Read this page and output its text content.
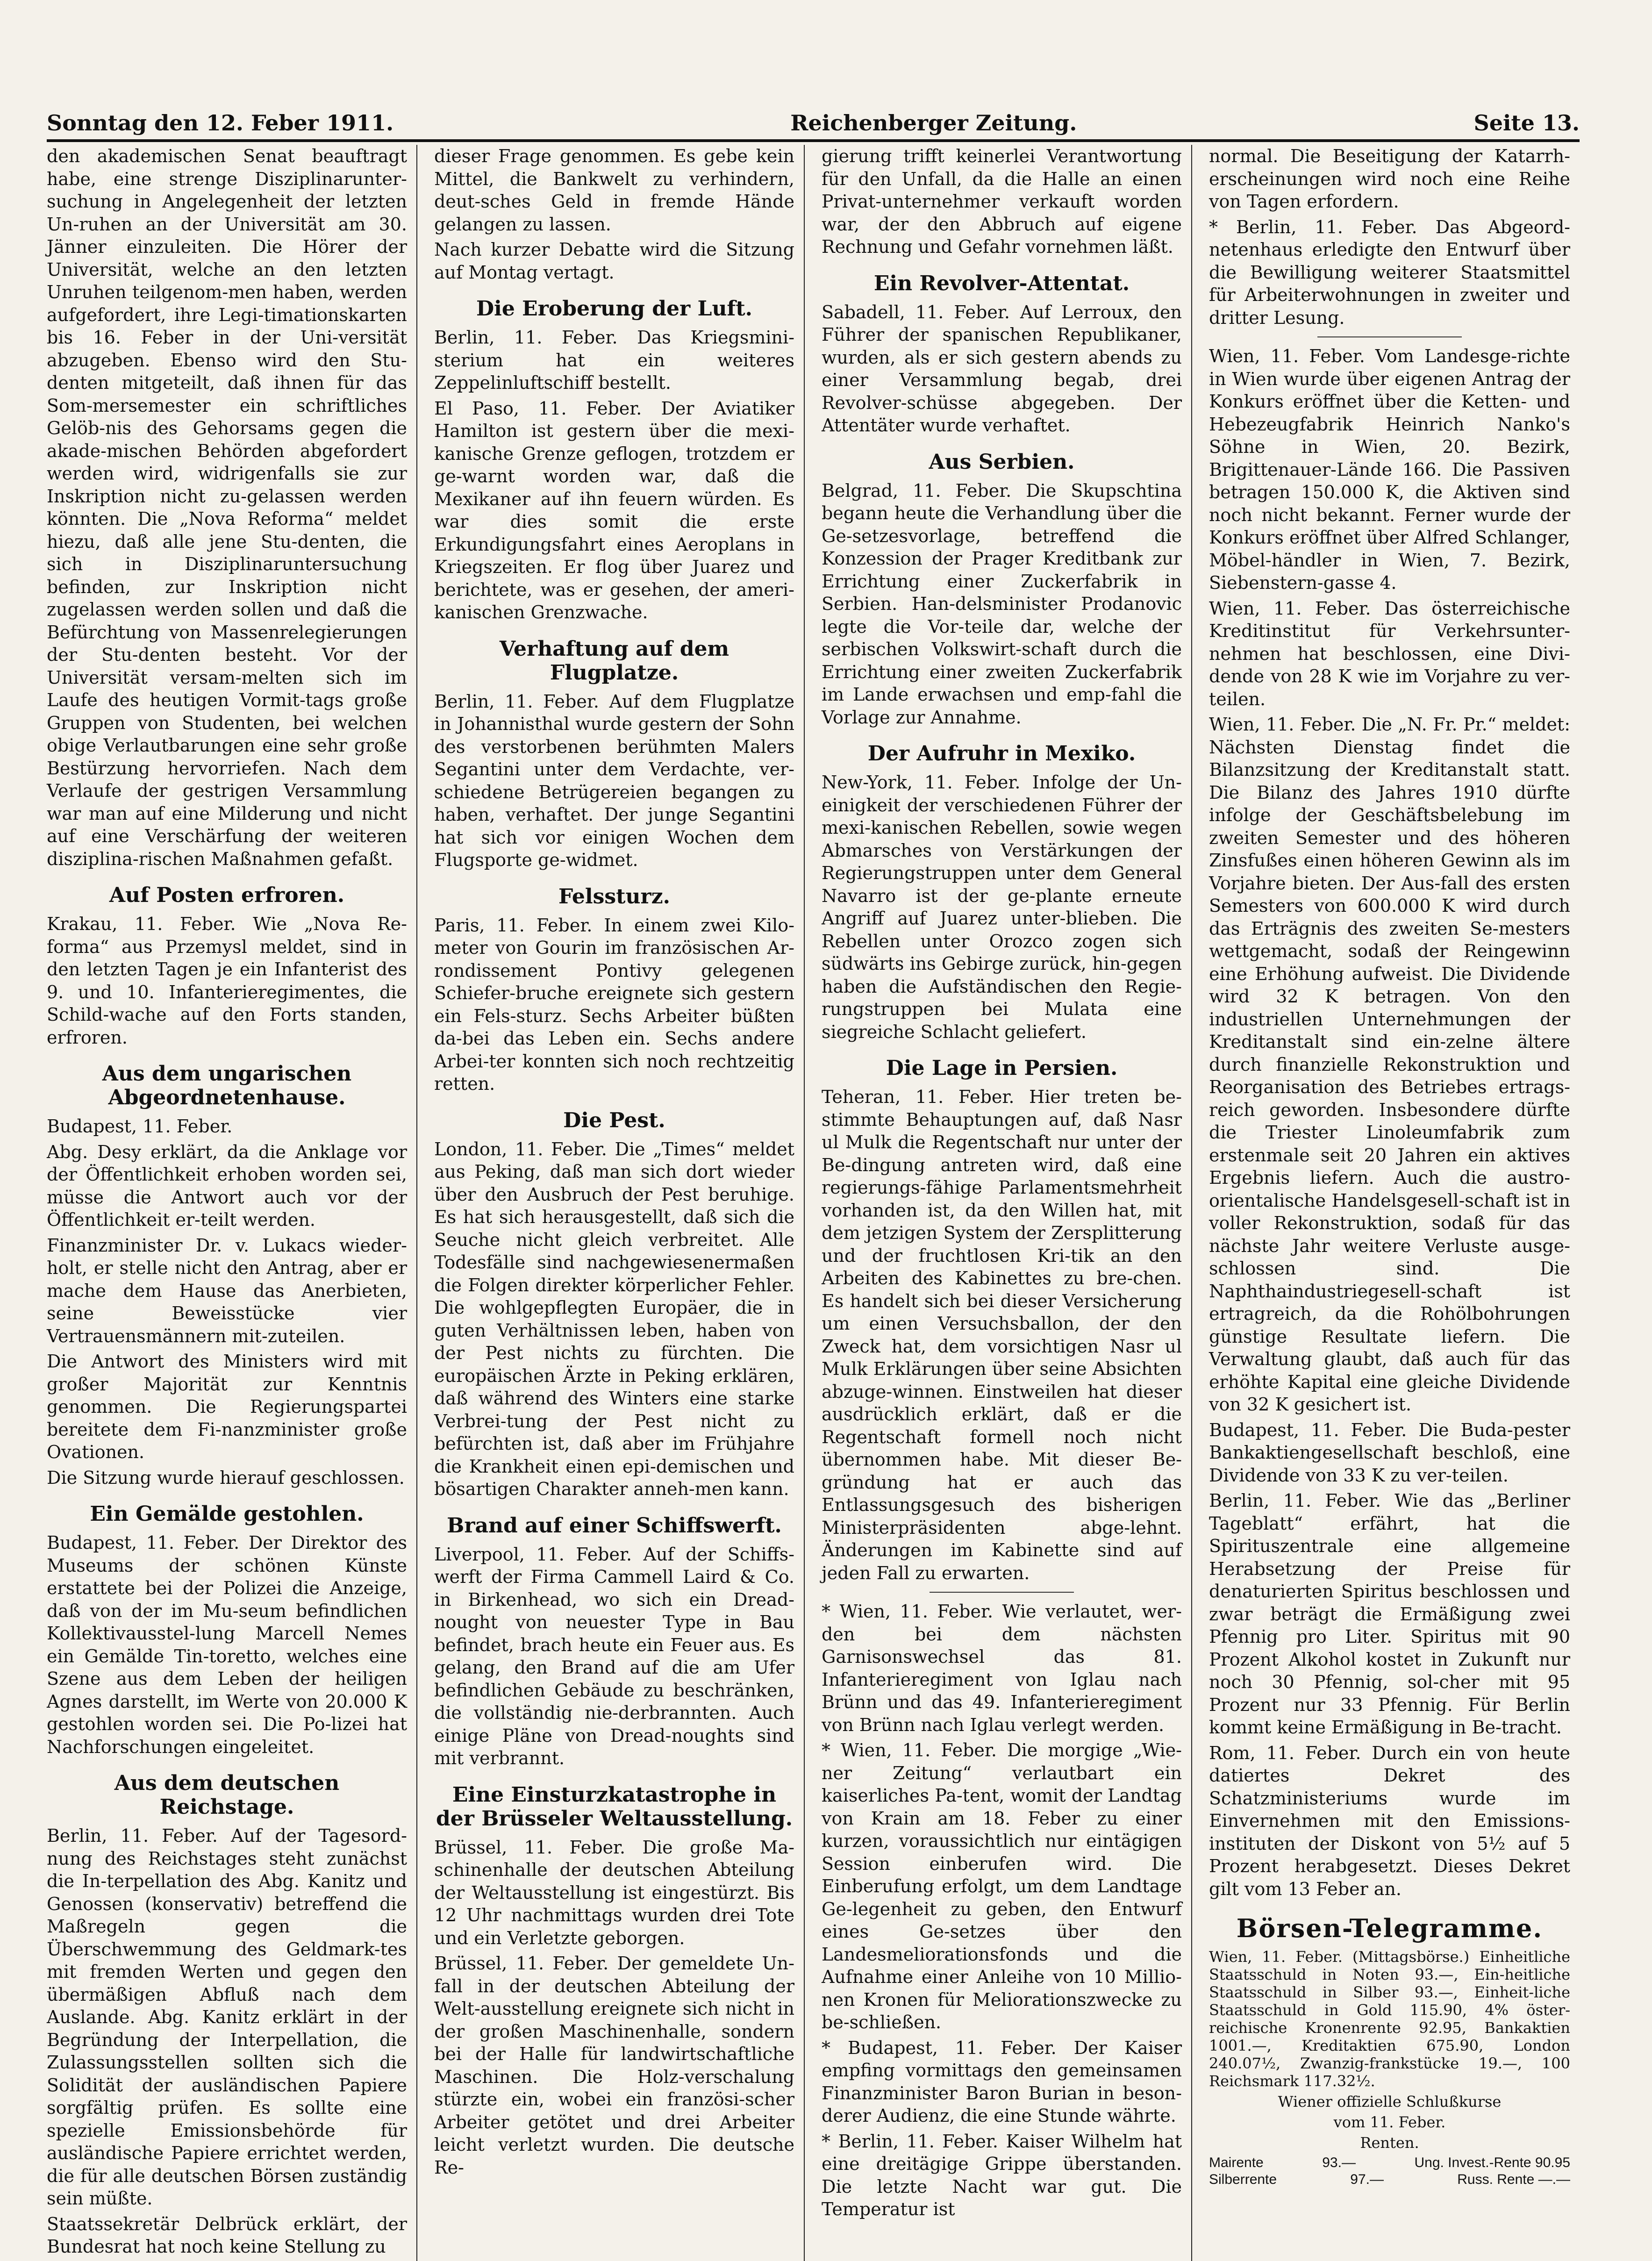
Sonntag den 12. Feber 1911.	Reichenberger Zeitung.	Seite 13.

den akademischen Senat beauftragt habe, eine strenge Disziplinarunter-suchung in Angelegenheit der letzten Un-ruhen an der Universität am 30. Jänner einzuleiten. Die Hörer der Universität, welche an den letzten Unruhen teilgenom-men haben, werden aufgefordert, ihre Legi-timationskarten bis 16. Feber in der Uni-versität abzugeben. Ebenso wird den Stu-denten mitgeteilt, daß ihnen für das Som-mersemester ein schriftliches Gelöb-nis des Gehorsams gegen die akade-mischen Behörden abgefordert werden wird, widrigenfalls sie zur Inskription nicht zu-gelassen werden könnten. Die „Nova Reforma“ meldet hiezu, daß alle jene Stu-denten, die sich in Disziplinaruntersuchung befinden, zur Inskription nicht zugelassen werden sollen und daß die Befürchtung von Massenrelegierungen der Stu-denten besteht. Vor der Universität versam-melten sich im Laufe des heutigen Vormit-tags große Gruppen von Studenten, bei welchen obige Verlautbarungen eine sehr große Bestürzung hervorriefen. Nach dem Verlaufe der gestrigen Versammlung war man auf eine Milderung und nicht auf eine Verschärfung der weiteren disziplina-rischen Maßnahmen gefaßt.

Auf Posten erfroren.

Krakau, 11. Feber. Wie „Nova Re-forma“ aus Przemysl meldet, sind in den letzten Tagen je ein Infanterist des 9. und 10. Infanterieregimentes, die Schild-wache auf den Forts standen, erfroren.

Aus dem ungarischen Abgeordnetenhause.

Budapest, 11. Feber.

Abg. Desy erklärt, da die Anklage vor der Öffentlichkeit erhoben worden sei, müsse die Antwort auch vor der Öffentlichkeit er-teilt werden.

Finanzminister Dr. v. Lukacs wieder-holt, er stelle nicht den Antrag, aber er mache dem Hause das Anerbieten, seine Beweisstücke vier Vertrauensmännern mit-zuteilen.

Die Antwort des Ministers wird mit großer Majorität zur Kenntnis genommen. Die Regierungspartei bereitete dem Fi-nanzminister große Ovationen.

Die Sitzung wurde hierauf geschlossen.

Ein Gemälde gestohlen.

Budapest, 11. Feber. Der Direktor des Museums der schönen Künste erstattete bei der Polizei die Anzeige, daß von der im Mu-seum befindlichen Kollektivausstel-lung Marcell Nemes ein Gemälde Tin-toretto, welches eine Szene aus dem Leben der heiligen Agnes darstellt, im Werte von 20.000 K gestohlen worden sei. Die Po-lizei hat Nachforschungen eingeleitet.

Aus dem deutschen Reichstage.

Berlin, 11. Feber. Auf der Tagesord-nung des Reichstages steht zunächst die In-terpellation des Abg. Kanitz und Genossen (konservativ) betreffend die Maßregeln gegen die Überschwemmung des Geldmark-tes mit fremden Werten und gegen den übermäßigen Abfluß nach dem Auslande. Abg. Kanitz erklärt in der Begründung der Interpellation, die Zulassungsstellen sollten sich die Solidität der ausländischen Papiere sorgfältig prüfen. Es sollte eine spezielle Emissionsbehörde für ausländische Papiere errichtet werden, die für alle deutschen Börsen zuständig sein müßte.

Staatssekretär Delbrück erklärt, der Bundesrat hat noch keine Stellung zu

dieser Frage genommen. Es gebe kein Mittel, die Bankwelt zu verhindern, deut-sches Geld in fremde Hände gelangen zu lassen.

Nach kurzer Debatte wird die Sitzung auf Montag vertagt.

Die Eroberung der Luft.

Berlin, 11. Feber. Das Kriegsmini-sterium hat ein weiteres Zeppelinluftschiff bestellt.

El Paso, 11. Feber. Der Aviatiker Hamilton ist gestern über die mexi-kanische Grenze geflogen, trotzdem er ge-warnt worden war, daß die Mexikaner auf ihn feuern würden. Es war dies somit die erste Erkundigungsfahrt eines Aeroplans in Kriegszeiten. Er flog über Juarez und berichtete, was er gesehen, der ameri-kanischen Grenzwache.

Verhaftung auf dem Flugplatze.

Berlin, 11. Feber. Auf dem Flugplatze in Johannisthal wurde gestern der Sohn des verstorbenen berühmten Malers Segantini unter dem Verdachte, ver-schiedene Betrügereien begangen zu haben, verhaftet. Der junge Segantini hat sich vor einigen Wochen dem Flugsporte ge-widmet.

Felssturz.

Paris, 11. Feber. In einem zwei Kilo-meter von Gourin im französischen Ar-rondissement Pontivy gelegenen Schiefer-bruche ereignete sich gestern ein Fels-sturz. Sechs Arbeiter büßten da-bei das Leben ein. Sechs andere Arbei-ter konnten sich noch rechtzeitig retten.

Die Pest.

London, 11. Feber. Die „Times“ meldet aus Peking, daß man sich dort wieder über den Ausbruch der Pest beruhige. Es hat sich herausgestellt, daß sich die Seuche nicht gleich verbreitet. Alle Todesfälle sind nachgewiesenermaßen die Folgen direkter körperlicher Fehler. Die wohlgepflegten Europäer, die in guten Verhältnissen leben, haben von der Pest nichts zu fürchten. Die europäischen Ärzte in Peking erklären, daß während des Winters eine starke Verbrei-tung der Pest nicht zu befürchten ist, daß aber im Frühjahre die Krankheit einen epi-demischen und bösartigen Charakter anneh-men kann.

Brand auf einer Schiffswerft.

Liverpool, 11. Feber. Auf der Schiffs-werft der Firma Cammell Laird & Co. in Birkenhead, wo sich ein Dread-nought von neuester Type in Bau befindet, brach heute ein Feuer aus. Es gelang, den Brand auf die am Ufer befindlichen Gebäude zu beschränken, die vollständig nie-derbrannten. Auch einige Pläne von Dread-noughts sind mit verbrannt.

Eine Einsturzkatastrophe in der Brüsseler Weltausstellung.

Brüssel, 11. Feber. Die große Ma-schinenhalle der deutschen Abteilung der Weltausstellung ist eingestürzt. Bis 12 Uhr nachmittags wurden drei Tote und ein Verletzte geborgen.

Brüssel, 11. Feber. Der gemeldete Un-fall in der deutschen Abteilung der Welt-ausstellung ereignete sich nicht in der großen Maschinenhalle, sondern bei der Halle für landwirtschaftliche Maschinen. Die Holz-verschalung stürzte ein, wobei ein französi-scher Arbeiter getötet und drei Arbeiter leicht verletzt wurden. Die deutsche Re-

gierung trifft keinerlei Verantwortung für den Unfall, da die Halle an einen Privat-unternehmer verkauft worden war, der den Abbruch auf eigene Rechnung und Gefahr vornehmen läßt.

Ein Revolver-Attentat.

Sabadell, 11. Feber. Auf Lerroux, den Führer der spanischen Republikaner, wurden, als er sich gestern abends zu einer Versammlung begab, drei Revolver-schüsse abgegeben. Der Attentäter wurde verhaftet.

Aus Serbien.

Belgrad, 11. Feber. Die Skupschtina begann heute die Verhandlung über die Ge-setzesvorlage, betreffend die Konzession der Prager Kreditbank zur Errichtung einer Zuckerfabrik in Serbien. Han-delsminister Prodanovic legte die Vor-teile dar, welche der serbischen Volkswirt-schaft durch die Errichtung einer zweiten Zuckerfabrik im Lande erwachsen und emp-fahl die Vorlage zur Annahme.

Der Aufruhr in Mexiko.

New-York, 11. Feber. Infolge der Un-einigkeit der verschiedenen Führer der mexi-kanischen Rebellen, sowie wegen Abmarsches von Verstärkungen der Regierungstruppen unter dem General Navarro ist der ge-plante erneute Angriff auf Juarez unter-blieben. Die Rebellen unter Orozco zogen sich südwärts ins Gebirge zurück, hin-gegen haben die Aufständischen den Regie-rungstruppen bei Mulata eine siegreiche Schlacht geliefert.

Die Lage in Persien.

Teheran, 11. Feber. Hier treten be-stimmte Behauptungen auf, daß Nasr ul Mulk die Regentschaft nur unter der Be-dingung antreten wird, daß eine regierungs-fähige Parlamentsmehrheit vorhanden ist, da den Willen hat, mit dem jetzigen System der Zersplitterung und der fruchtlosen Kri-tik an den Arbeiten des Kabinettes zu bre-chen. Es handelt sich bei dieser Versicherung um einen Versuchsballon, der den Zweck hat, dem vorsichtigen Nasr ul Mulk Erklärungen über seine Absichten abzuge-winnen. Einstweilen hat dieser ausdrücklich erklärt, daß er die Regentschaft formell noch nicht übernommen habe. Mit dieser Be-gründung hat er auch das Entlassungsgesuch des bisherigen Ministerpräsidenten abge-lehnt. Änderungen im Kabinette sind auf jeden Fall zu erwarten.

* Wien, 11. Feber. Wie verlautet, wer-den bei dem nächsten Garnisonswechsel das 81. Infanterieregiment von Iglau nach Brünn und das 49. Infanterieregiment von Brünn nach Iglau verlegt werden.

* Wien, 11. Feber. Die morgige „Wie-ner Zeitung“ verlautbart ein kaiserliches Pa-tent, womit der Landtag von Krain am 18. Feber zu einer kurzen, voraussichtlich nur eintägigen Session einberufen wird. Die Einberufung erfolgt, um dem Landtage Ge-legenheit zu geben, den Entwurf eines Ge-setzes über den Landesmeliorationsfonds und die Aufnahme einer Anleihe von 10 Millio-nen Kronen für Meliorationszwecke zu be-schließen.

* Budapest, 11. Feber. Der Kaiser empfing vormittags den gemeinsamen Finanzminister Baron Burian in beson-derer Audienz, die eine Stunde währte.

* Berlin, 11. Feber. Kaiser Wilhelm hat eine dreitägige Grippe überstanden. Die letzte Nacht war gut. Die Temperatur ist

normal. Die Beseitigung der Katarrh-erscheinungen wird noch eine Reihe von Tagen erfordern.

* Berlin, 11. Feber. Das Abgeord-netenhaus erledigte den Entwurf über die Bewilligung weiterer Staatsmittel für Arbeiterwohnungen in zweiter und dritter Lesung.

Wien, 11. Feber. Vom Landesge-richte in Wien wurde über eigenen Antrag der Konkurs eröffnet über die Ketten- und Hebezeugfabrik Heinrich Nanko's Söhne in Wien, 20. Bezirk, Brigittenauer-Lände 166. Die Passiven betragen 150.000 K, die Aktiven sind noch nicht bekannt. Ferner wurde der Konkurs eröffnet über Alfred Schlanger, Möbel-händler in Wien, 7. Bezirk, Siebenstern-gasse 4.

Wien, 11. Feber. Das österreichische Kreditinstitut für Verkehrsunter-nehmen hat beschlossen, eine Divi-dende von 28 K wie im Vorjahre zu ver-teilen.

Wien, 11. Feber. Die „N. Fr. Pr.“ meldet: Nächsten Dienstag findet die Bilanzsitzung der Kreditanstalt statt. Die Bilanz des Jahres 1910 dürfte infolge der Geschäftsbelebung im zweiten Semester und des höheren Zinsfußes einen höheren Gewinn als im Vorjahre bieten. Der Aus-fall des ersten Semesters von 600.000 K wird durch das Erträgnis des zweiten Se-mesters wettgemacht, sodaß der Reingewinn eine Erhöhung aufweist. Die Dividende wird 32 K betragen. Von den industriellen Unternehmungen der Kreditanstalt sind ein-zelne ältere durch finanzielle Rekonstruktion und Reorganisation des Betriebes ertrags-reich geworden. Insbesondere dürfte die Triester Linoleumfabrik zum erstenmale seit 20 Jahren ein aktives Ergebnis liefern. Auch die austro-orientalische Handelsgesell-schaft ist in voller Rekonstruktion, sodaß für das nächste Jahr weitere Verluste ausge-schlossen sind. Die Naphthaindustriegesell-schaft ist ertragreich, da die Rohölbohrungen günstige Resultate liefern. Die Verwaltung glaubt, daß auch für das erhöhte Kapital eine gleiche Dividende von 32 K gesichert ist.

Budapest, 11. Feber. Die Buda-pester Bankaktiengesellschaft beschloß, eine Dividende von 33 K zu ver-teilen.

Berlin, 11. Feber. Wie das „Berliner Tageblatt“ erfährt, hat die Spirituszentrale eine allgemeine Herabsetzung der Preise für denaturierten Spiritus beschlossen und zwar beträgt die Ermäßigung zwei Pfennig pro Liter. Spiritus mit 90 Prozent Alkohol kostet in Zukunft nur noch 30 Pfennig, sol-cher mit 95 Prozent nur 33 Pfennig. Für Berlin kommt keine Ermäßigung in Be-tracht.

Rom, 11. Feber. Durch ein von heute datiertes Dekret des Schatzministeriums wurde im Einvernehmen mit den Emissions-instituten der Diskont von 5½ auf 5 Prozent herabgesetzt. Dieses Dekret gilt vom 13 Feber an.

Börsen-Telegramme.

Wien, 11. Feber. (Mittagsbörse.) Einheitliche Staatsschuld in Noten 93.—, Ein-heitliche Staatsschuld in Silber 93.—, Einheit-liche Staatsschuld in Gold 115.90, 4% öster-reichische Kronenrente 92.95, Bankaktien 1001.—, Kreditaktien 675.90, London 240.07½, Zwanzig-frankstücke 19.—, 100 Reichsmark 117.32½.

Wiener offizielle Schlußkurse

vom 11. Feber.

Renten.

Mairente	93.—	Ung. Invest.-Rente 90.95
Silberrente	97.—	Russ. Rente —.—
